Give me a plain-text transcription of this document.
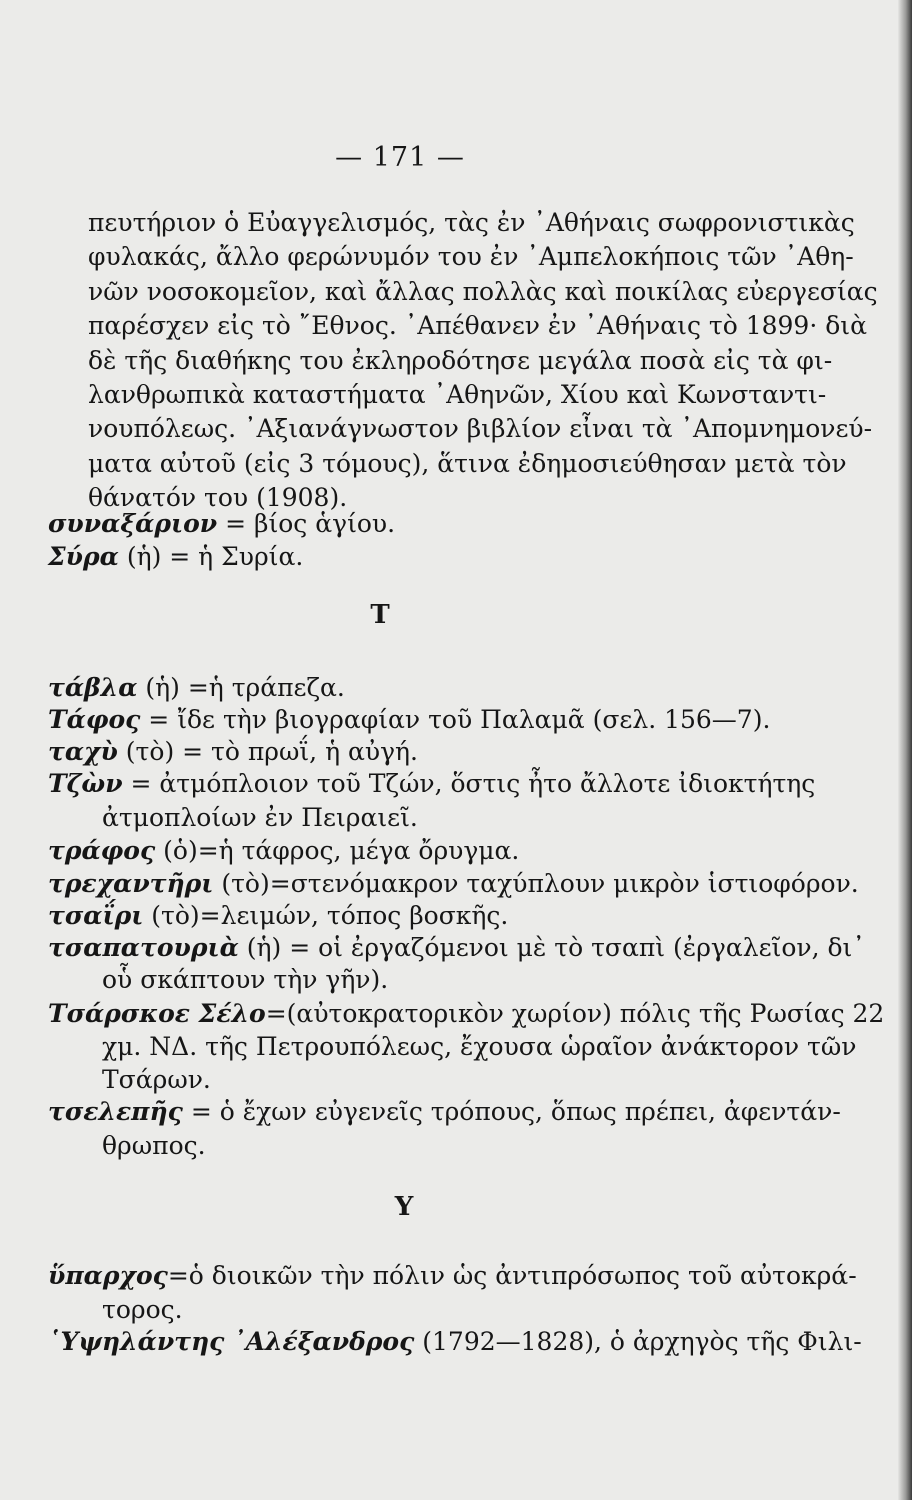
— 171 —
πευτήριον ὁ Εὐαγγελισμός, τὰς ἐν ᾽Αθήναις σωφρονιστικὰς
φυλακάς, ἄλλο φερώνυμόν του ἐν ᾽Αμπελοκήποις τῶν ᾽Αθη-
νῶν νοσοκομεῖον, καὶ ἄλλας πολλὰς καὶ ποικίλας εὐεργεσίας
παρέσχεν εἰς τὸ ῎Εθνος. ᾽Απέθανεν ἐν ᾽Αθήναις τὸ 1899· διὰ
δὲ τῆς διαθήκης του ἐκληροδότησε μεγάλα ποσὰ εἰς τὰ φι-
λανθρωπικὰ καταστήματα ᾽Αθηνῶν, Χίου καὶ Κωνσταντι-
νουπόλεως. ᾽Αξιανάγνωστον βιβλίον εἶναι τὰ ᾽Απομνημονεύ-
ματα αὐτοῦ (εἰς 3 τόμους), ἅτινα ἐδημοσιεύθησαν μετὰ τὸν
θάνατόν του (1908).
συναξάριον = βίος ἁγίου.
Σύρα (ἡ) = ἡ Συρία.
Τ
τάβλα (ἡ) =ἡ τράπεζα.
Τάφος = ἴδε τὴν βιογραφίαν τοῦ Παλαμᾶ (σελ. 156—7).
ταχὺ (τὸ) = τὸ πρωΐ, ἡ αὐγή.
Τζὼν = ἀτμόπλοιον τοῦ Τζών, ὅστις ἦτο ἄλλοτε ἰδιοκτήτης
ἀτμοπλοίων ἐν Πειραιεῖ.
τράφος (ὁ)=ἡ τάφρος, μέγα ὄρυγμα.
τρεχαντῆρι (τὸ)=στενόμακρον ταχύπλουν μικρὸν ἱστιοφόρον.
τσαΐρι (τὸ)=λειμών, τόπος βοσκῆς.
τσαπατουριὰ (ἡ) = οἱ ἐργαζόμενοι μὲ τὸ τσαπὶ (ἐργαλεῖον, δι᾽
οὗ σκάπτουν τὴν γῆν).
Τσάρσκοε Σέλο=(αὐτοκρατορικὸν χωρίον) πόλις τῆς Ρωσίας 22
χμ. ΝΔ. τῆς Πετρουπόλεως, ἔχουσα ὡραῖον ἀνάκτορον τῶν
Τσάρων.
τσελεπῆς = ὁ ἔχων εὐγενεῖς τρόπους, ὅπως πρέπει, ἀφεντάν-
θρωπος.
Υ
ὕπαρχος=ὁ διοικῶν τὴν πόλιν ὡς ἀντιπρόσωπος τοῦ αὐτοκρά-
τορος.
῾Υψηλάντης ᾽Αλέξανδρος (1792—1828), ὁ ἀρχηγὸς τῆς Φιλι-
